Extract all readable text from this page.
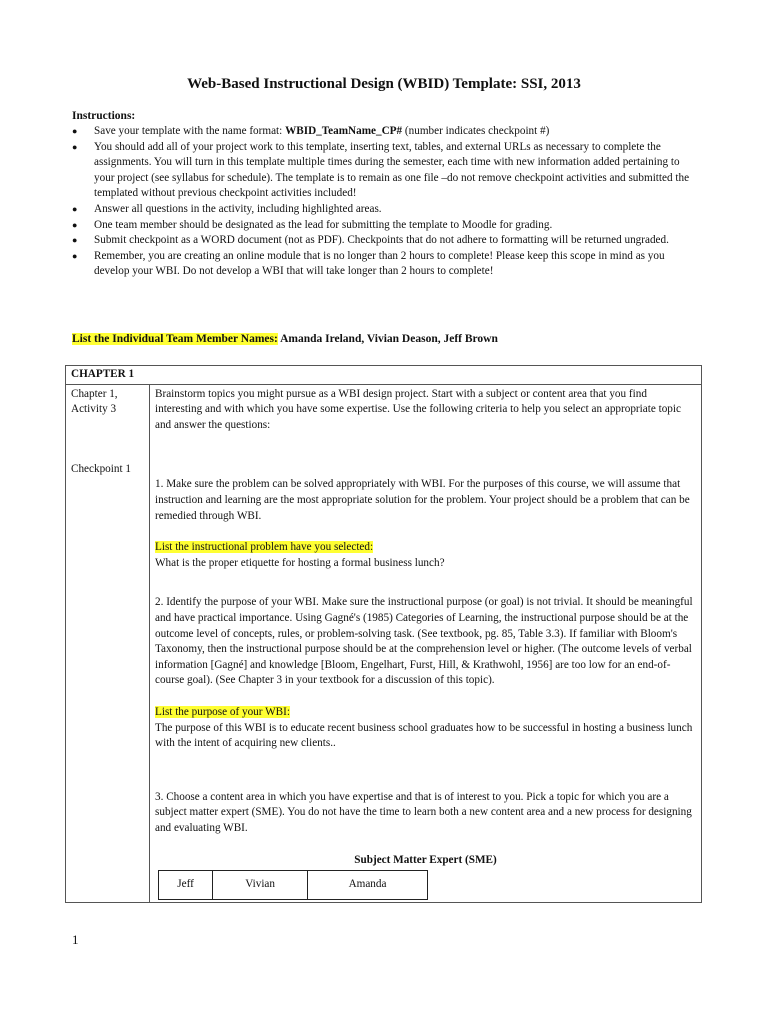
Web-Based Instructional Design (WBID) Template: SSI, 2013
Instructions:
● Save your template with the name format: WBID_TeamName_CP# (number indicates checkpoint #)
● You should add all of your project work to this template, inserting text, tables, and external URLs as necessary to complete the assignments. You will turn in this template multiple times during the semester, each time with new information added pertaining to your project (see syllabus for schedule). The template is to remain as one file –do not remove checkpoint activities and submitted the templated without previous checkpoint activities included!
● Answer all questions in the activity, including highlighted areas.
● One team member should be designated as the lead for submitting the template to Moodle for grading.
● Submit checkpoint as a WORD document (not as PDF). Checkpoints that do not adhere to formatting will be returned ungraded.
● Remember, you are creating an online module that is no longer than 2 hours to complete! Please keep this scope in mind as you develop your WBI. Do not develop a WBI that will take longer than 2 hours to complete!
List the Individual Team Member Names: Amanda Ireland, Vivian Deason, Jeff Brown
CHAPTER 1

Chapter 1, Activity 3
Checkpoint 1

Brainstorm topics you might pursue as a WBI design project. Start with a subject or content area that you find interesting and with which you have some expertise. Use the following criteria to help you select an appropriate topic and answer the questions:

1. Make sure the problem can be solved appropriately with WBI. For the purposes of this course, we will assume that instruction and learning are the most appropriate solution for the problem. Your project should be a problem that can be remedied through WBI.

List the instructional problem have you selected:

What is the proper etiquette for hosting a formal business lunch?

2. Identify the purpose of your WBI. Make sure the instructional purpose (or goal) is not trivial. It should be meaningful and have practical importance. Using Gagné's (1985) Categories of Learning, the instructional purpose should be at the outcome level of concepts, rules, or problem-solving task. (See textbook, pg. 85, Table 3.3). If familiar with Bloom's Taxonomy, then the instructional purpose should be at the comprehension level or higher. (The outcome levels of verbal information [Gagné] and knowledge [Bloom, Engelhart, Furst, Hill, & Krathwohl, 1956] are too low for an end-of-course goal). (See Chapter 3 in your textbook for a discussion of this topic).

List the purpose of your WBI:

The purpose of this WBI is to educate recent business school graduates how to be successful in hosting a business lunch with the intent of acquiring new clients..

3. Choose a content area in which you have expertise and that is of interest to you. Pick a topic for which you are a subject matter expert (SME). You do not have the time to learn both a new content area and a new process for designing and evaluating WBI.

Subject Matter Expert (SME)

Jeff	Vivian	Amanda
1
